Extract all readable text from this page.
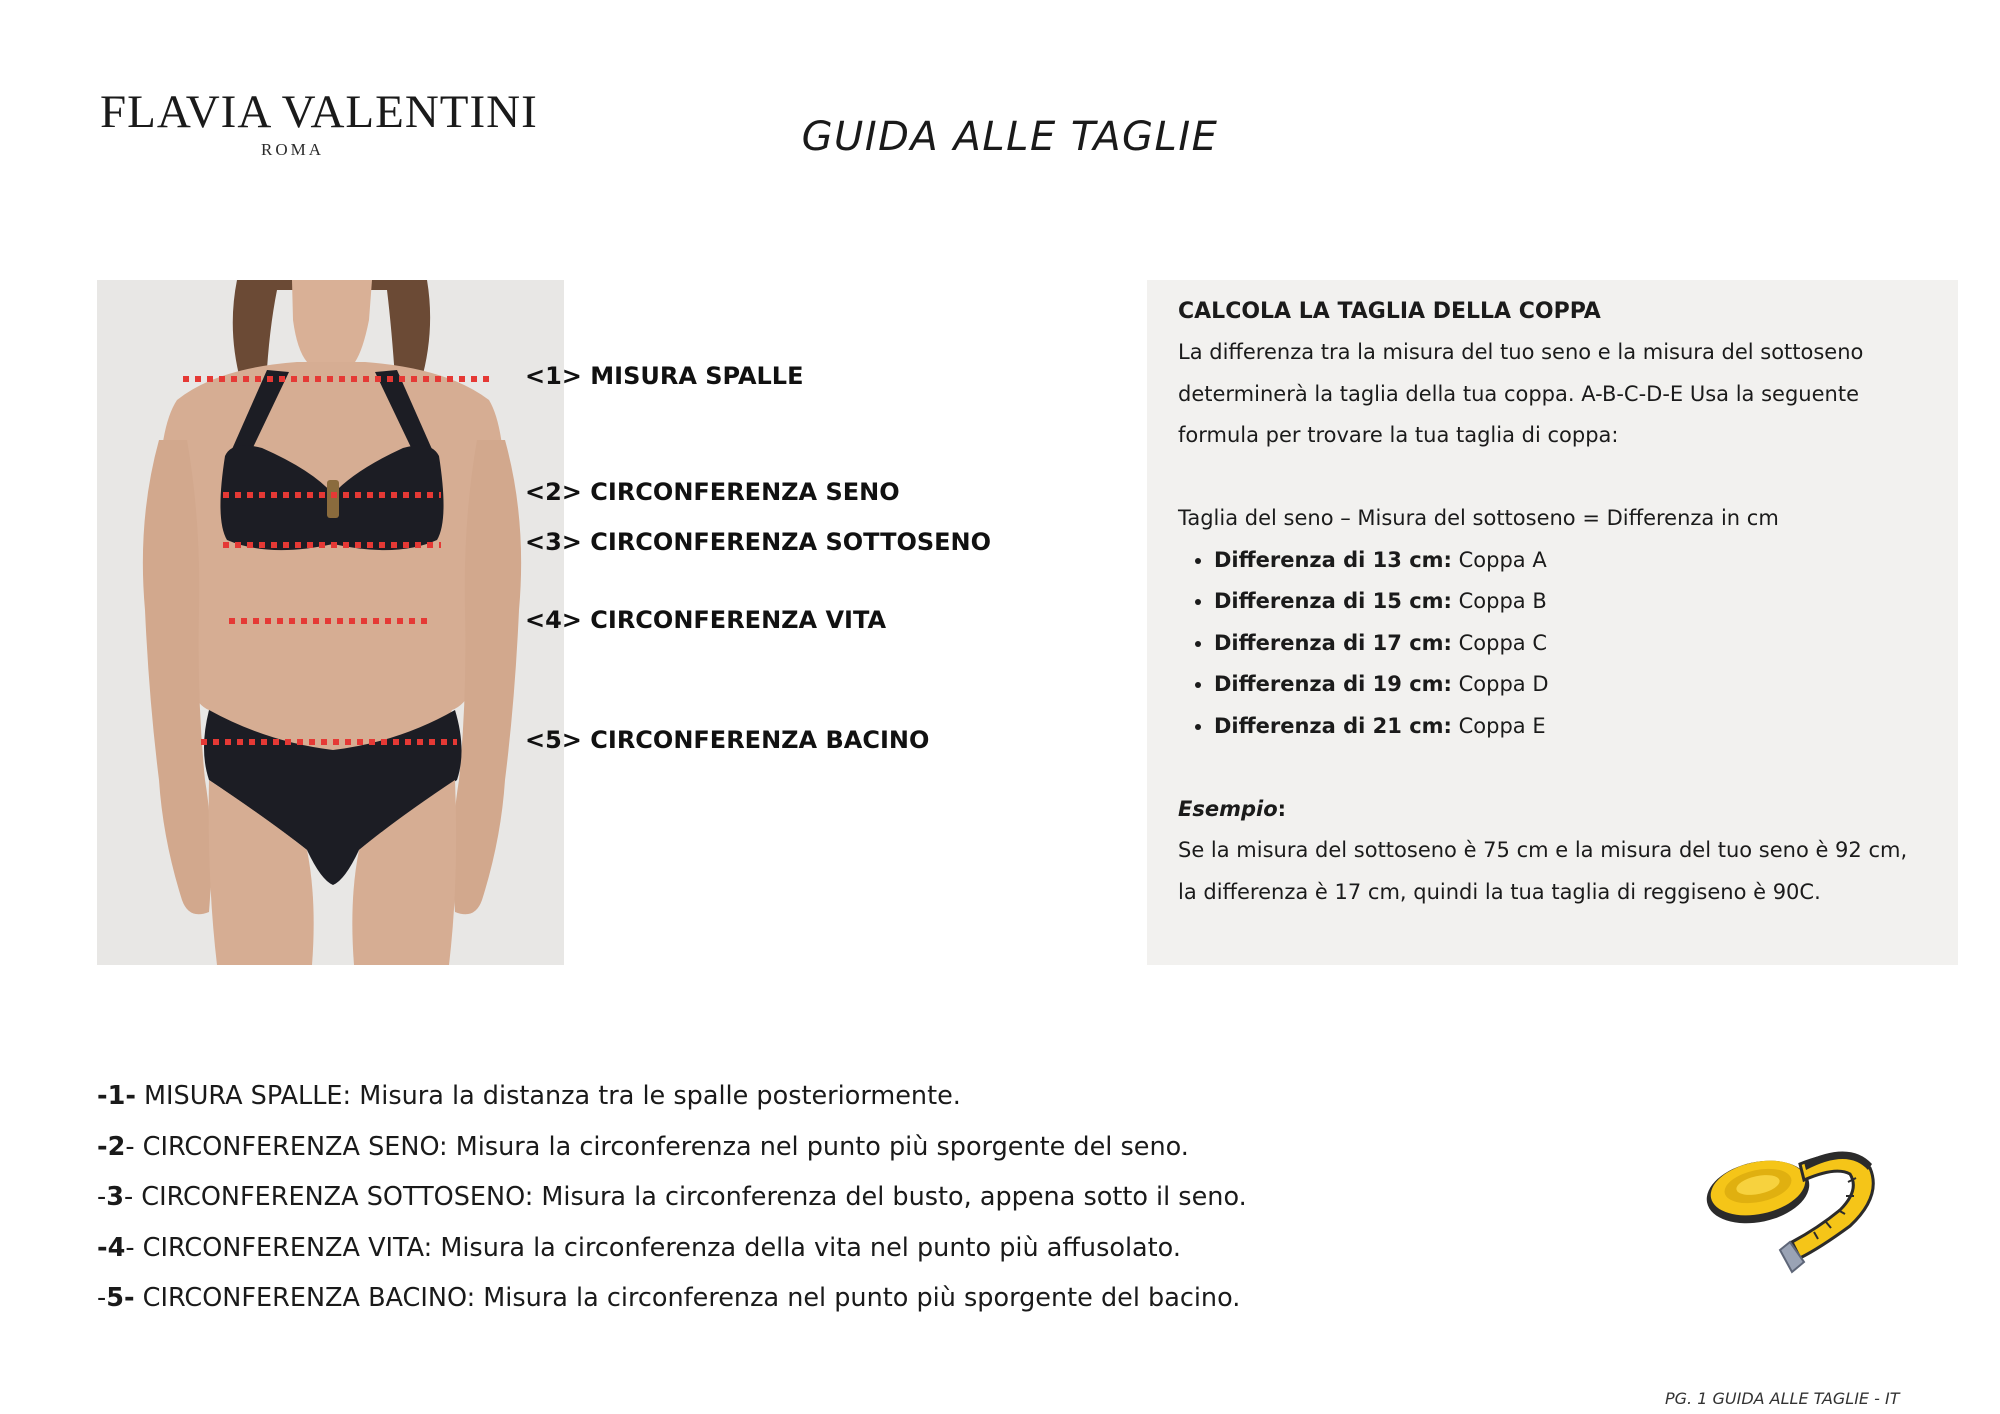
FLAVIA VALENTINI
ROMA	GUIDA ALLE TAGLIE
<1> MISURA SPALLE
<2> CIRCONFERENZA SENO
<3> CIRCONFERENZA SOTTOSENO
<4> CIRCONFERENZA VITA
<5> CIRCONFERENZA BACINO
CALCOLA LA TAGLIA DELLA COPPA
La differenza tra la misura del tuo seno e la misura del sottoseno
determinerà la taglia della tua coppa. A-B-C-D-E Usa la seguente
formula per trovare la tua taglia di coppa:
Taglia del seno – Misura del sottoseno = Differenza in cm
• Differenza di 13 cm: Coppa A
• Differenza di 15 cm: Coppa B
• Differenza di 17 cm: Coppa C
• Differenza di 19 cm: Coppa D
• Differenza di 21 cm: Coppa E
Esempio:
Se la misura del sottoseno è 75 cm e la misura del tuo seno è 92 cm,
la differenza è 17 cm, quindi la tua taglia di reggiseno è 90C.
-1- MISURA SPALLE: Misura la distanza tra le spalle posteriormente.
-2- CIRCONFERENZA SENO: Misura la circonferenza nel punto più sporgente del seno.
-3- CIRCONFERENZA SOTTOSENO: Misura la circonferenza del busto, appena sotto il seno.
-4- CIRCONFERENZA VITA: Misura la circonferenza della vita nel punto più affusolato.
-5- CIRCONFERENZA BACINO: Misura la circonferenza nel punto più sporgente del bacino.
PG. 1 GUIDA ALLE TAGLIE - IT
